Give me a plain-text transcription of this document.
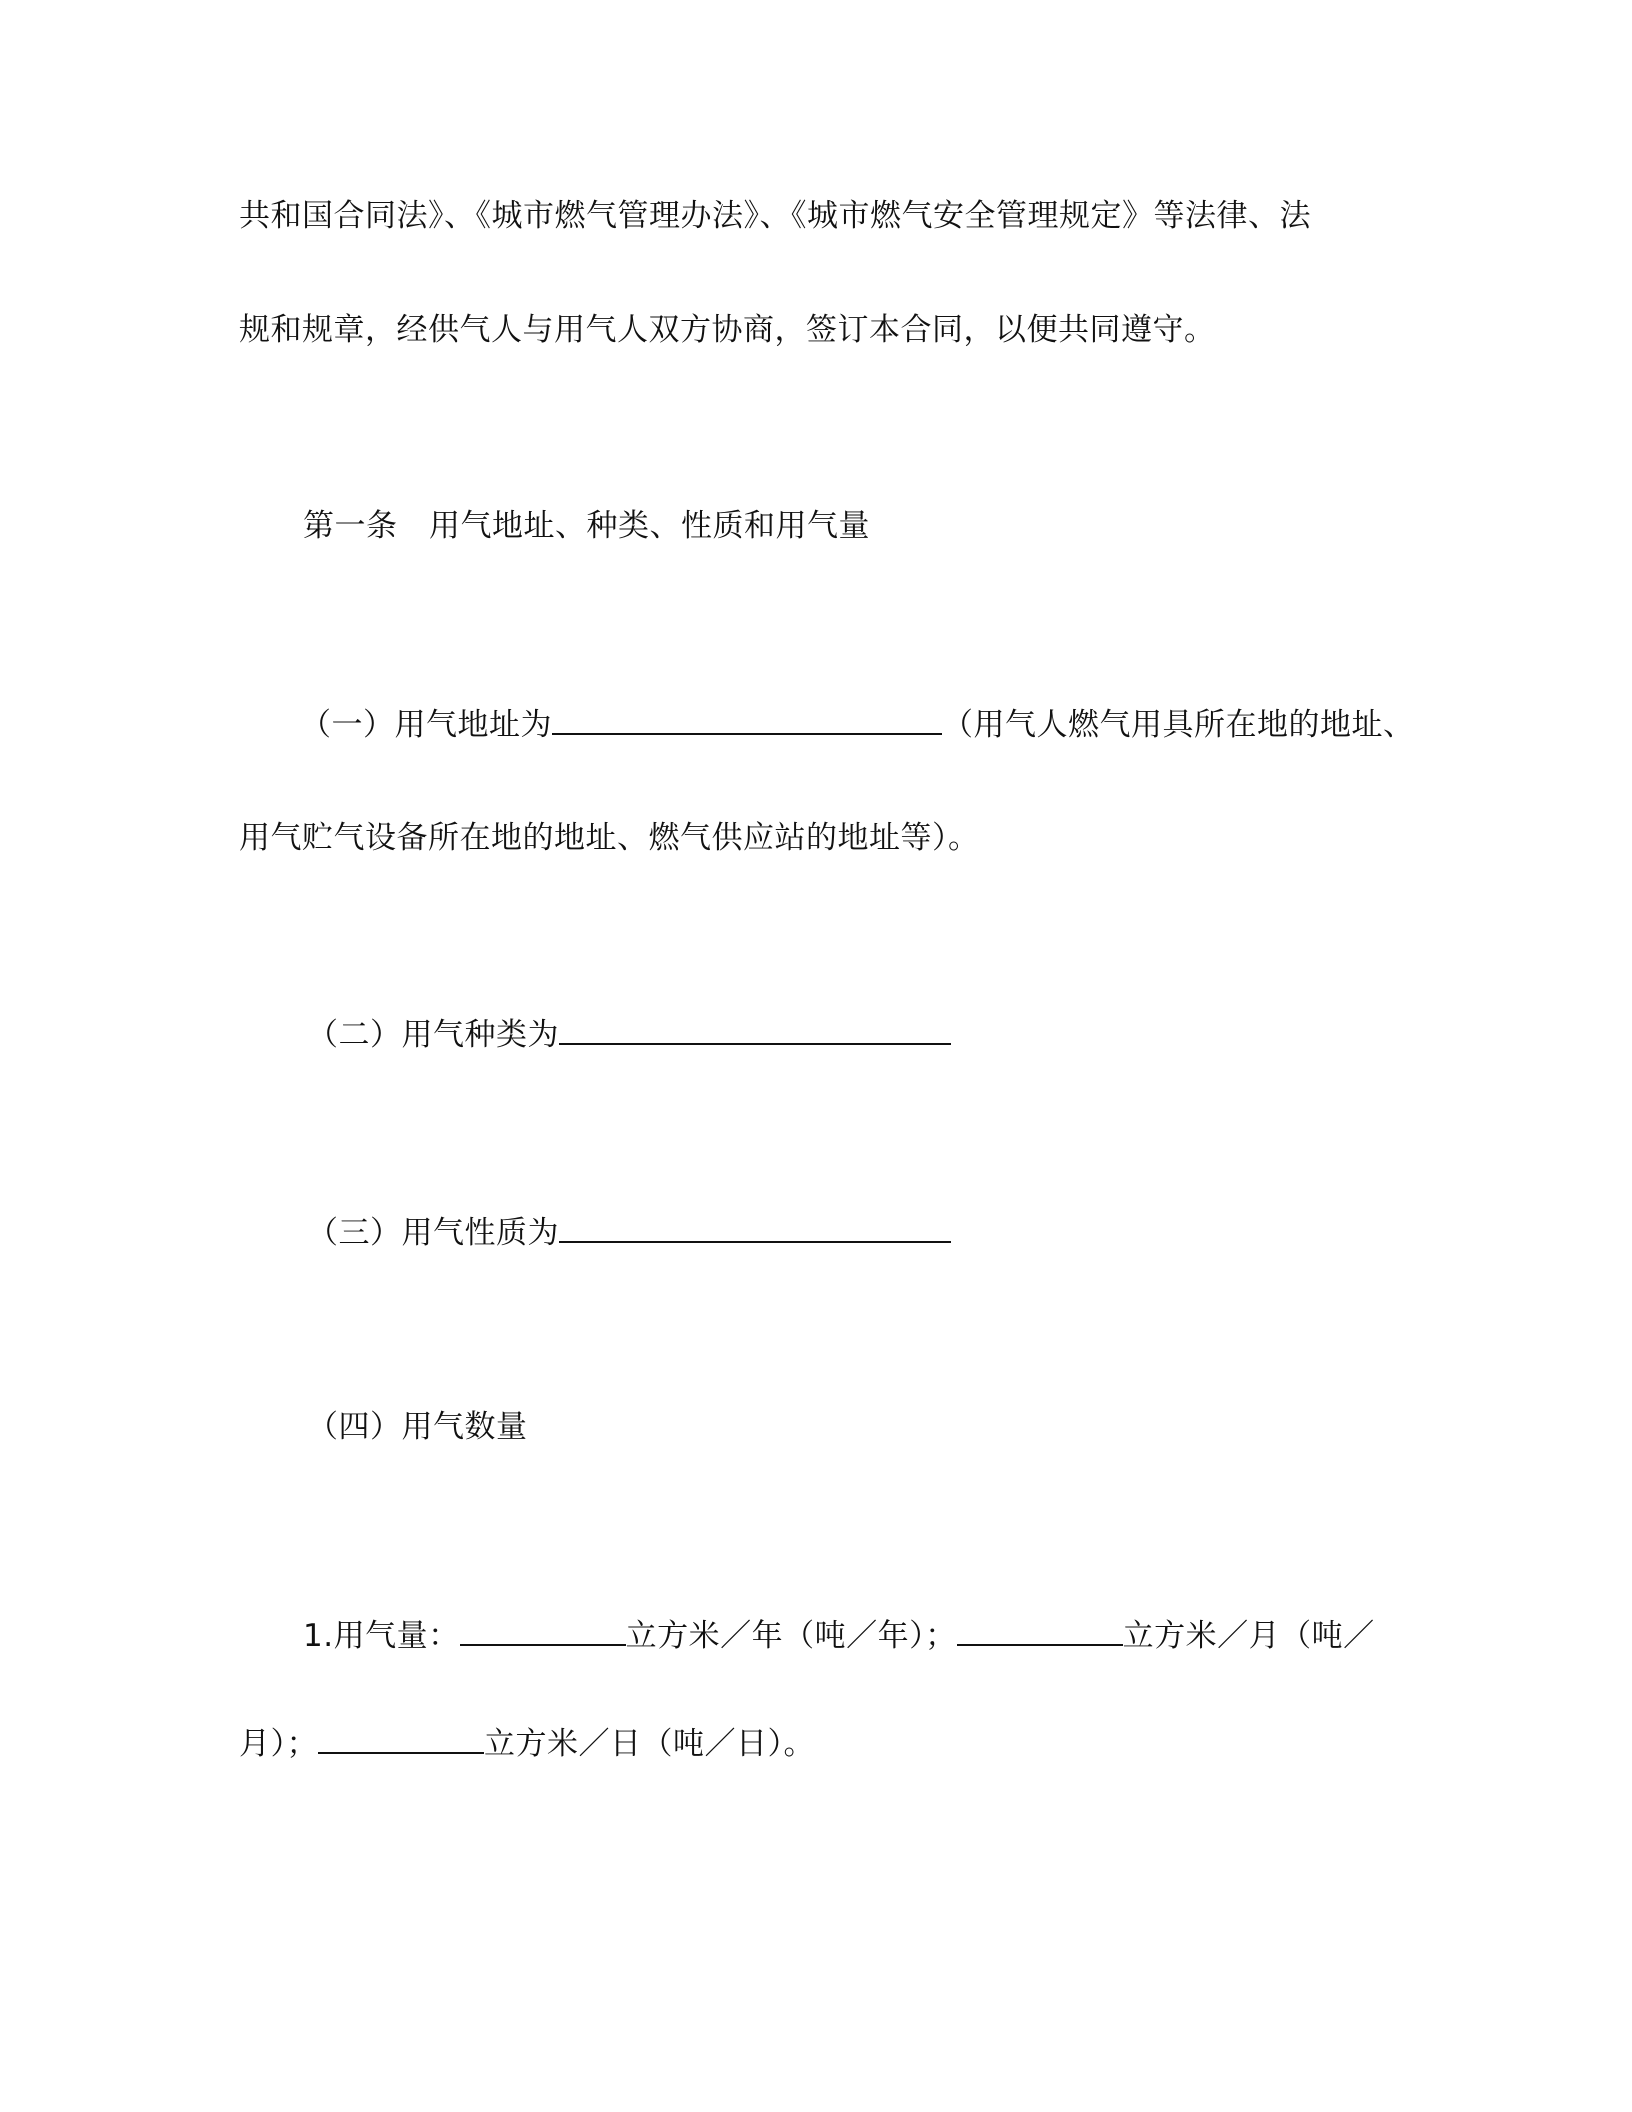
共和国合同法》、《城市燃气管理办法》、《城市燃气安全管理规定》等法律、法
规和规章，经供气人与用气人双方协商，签订本合同，以便共同遵守。
第一条　用气地址、种类、性质和用气量
（一）用气地址为	（用气人燃气用具所在地的地址、
用气贮气设备所在地的地址、燃气供应站的地址等）。
（二）用气种类为
（三）用气性质为
（四）用气数量
1.用气量：	立方米／年（吨／年）；	立方米／月（吨／
月）；	立方米／日（吨／日）。
